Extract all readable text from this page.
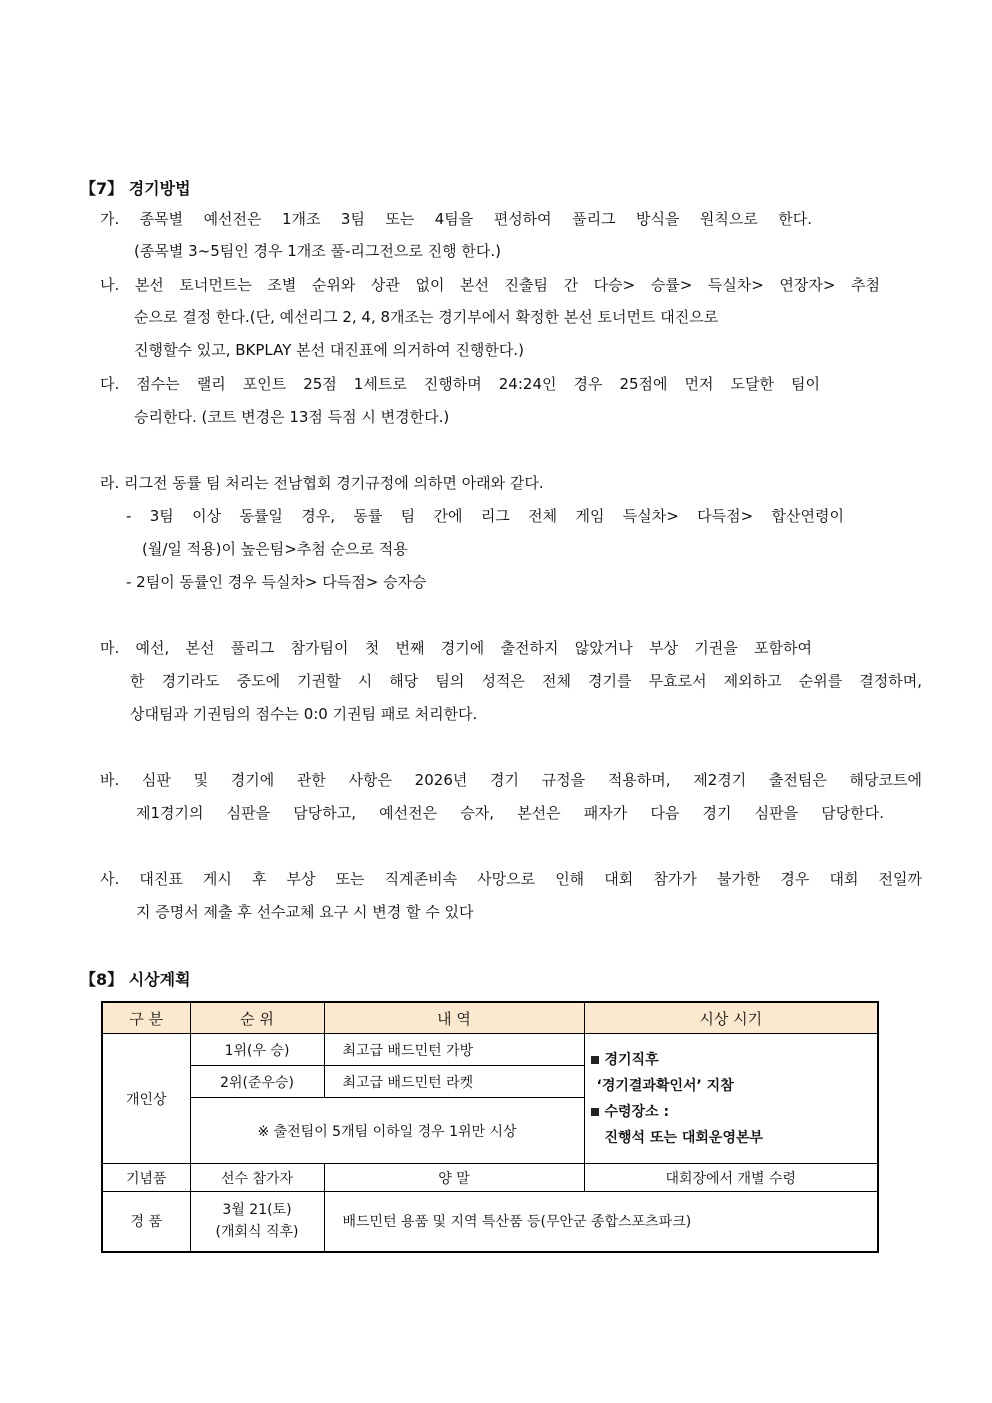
【7】 경기방법
가. 종목별 예선전은 1개조 3팀 또는 4팀을 편성하여 풀리그 방식을 원칙으로 한다.
(종목별 3~5팀인 경우 1개조 풀-리그전으로 진행 한다.)
나. 본선 토너먼트는 조별 순위와 상관 없이 본선 진출팀 간 다승> 승률> 득실차> 연장자> 추첨
순으로 결정 한다.(단, 예선리그 2, 4, 8개조는 경기부에서 확정한 본선 토너먼트 대진으로
진행할수 있고, BKPLAY 본선 대진표에 의거하여 진행한다.)
다. 점수는 랠리 포인트 25점 1세트로 진행하며 24:24인 경우 25점에 먼저 도달한 팀이
승리한다. (코트 변경은 13점 득점 시 변경한다.)
라. 리그전 동률 팀 처리는 전남협회 경기규정에 의하면 아래와 같다.
- 3팀 이상 동률일 경우, 동률 팀 간에 리그 전체 게임 득실차> 다득점> 합산연령이
(월/일 적용)이 높은팀>추첨 순으로 적용
- 2팀이 동률인 경우 득실차> 다득점> 승자승
마. 예선, 본선 풀리그 참가팀이 첫 번째 경기에 출전하지 않았거나 부상 기권을 포함하여
한 경기라도 중도에 기권할 시 해당 팀의 성적은 전체 경기를 무효로서 제외하고 순위를 결정하며,
상대팀과 기권팀의 점수는 0:0 기권팀 패로 처리한다.
바. 심판 및 경기에 관한 사항은 2026년 경기 규정을 적용하며, 제2경기 출전팀은 해당코트에
제1경기의 심판을 담당하고, 예선전은 승자, 본선은 패자가 다음 경기 심판을 담당한다.
사. 대진표 게시 후 부상 또는 직계존비속 사망으로 인해 대회 참가가 불가한 경우 대회 전일까
지 증명서 제출 후 선수교체 요구 시 변경 할 수 있다
【8】 시상계획
구 분	순 위	내 역	시상 시기
개인상	1위(우 승)	최고급 배드민턴 가방	경기직후
‘경기결과확인서’ 지참
수령장소 :
진행석 또는 대회운영본부

	2위(준우승)	최고급 배드민턴 라켓	
	※ 출전팀이 5개팀 이하일 경우 1위만 시상		
기념품	선수 참가자	양 말	대회장에서 개별 수령
경 품	3월 21(토)
(개회식 직후)	배드민턴 용품 및 지역 특산품 등(무안군 종합스포츠파크)	
